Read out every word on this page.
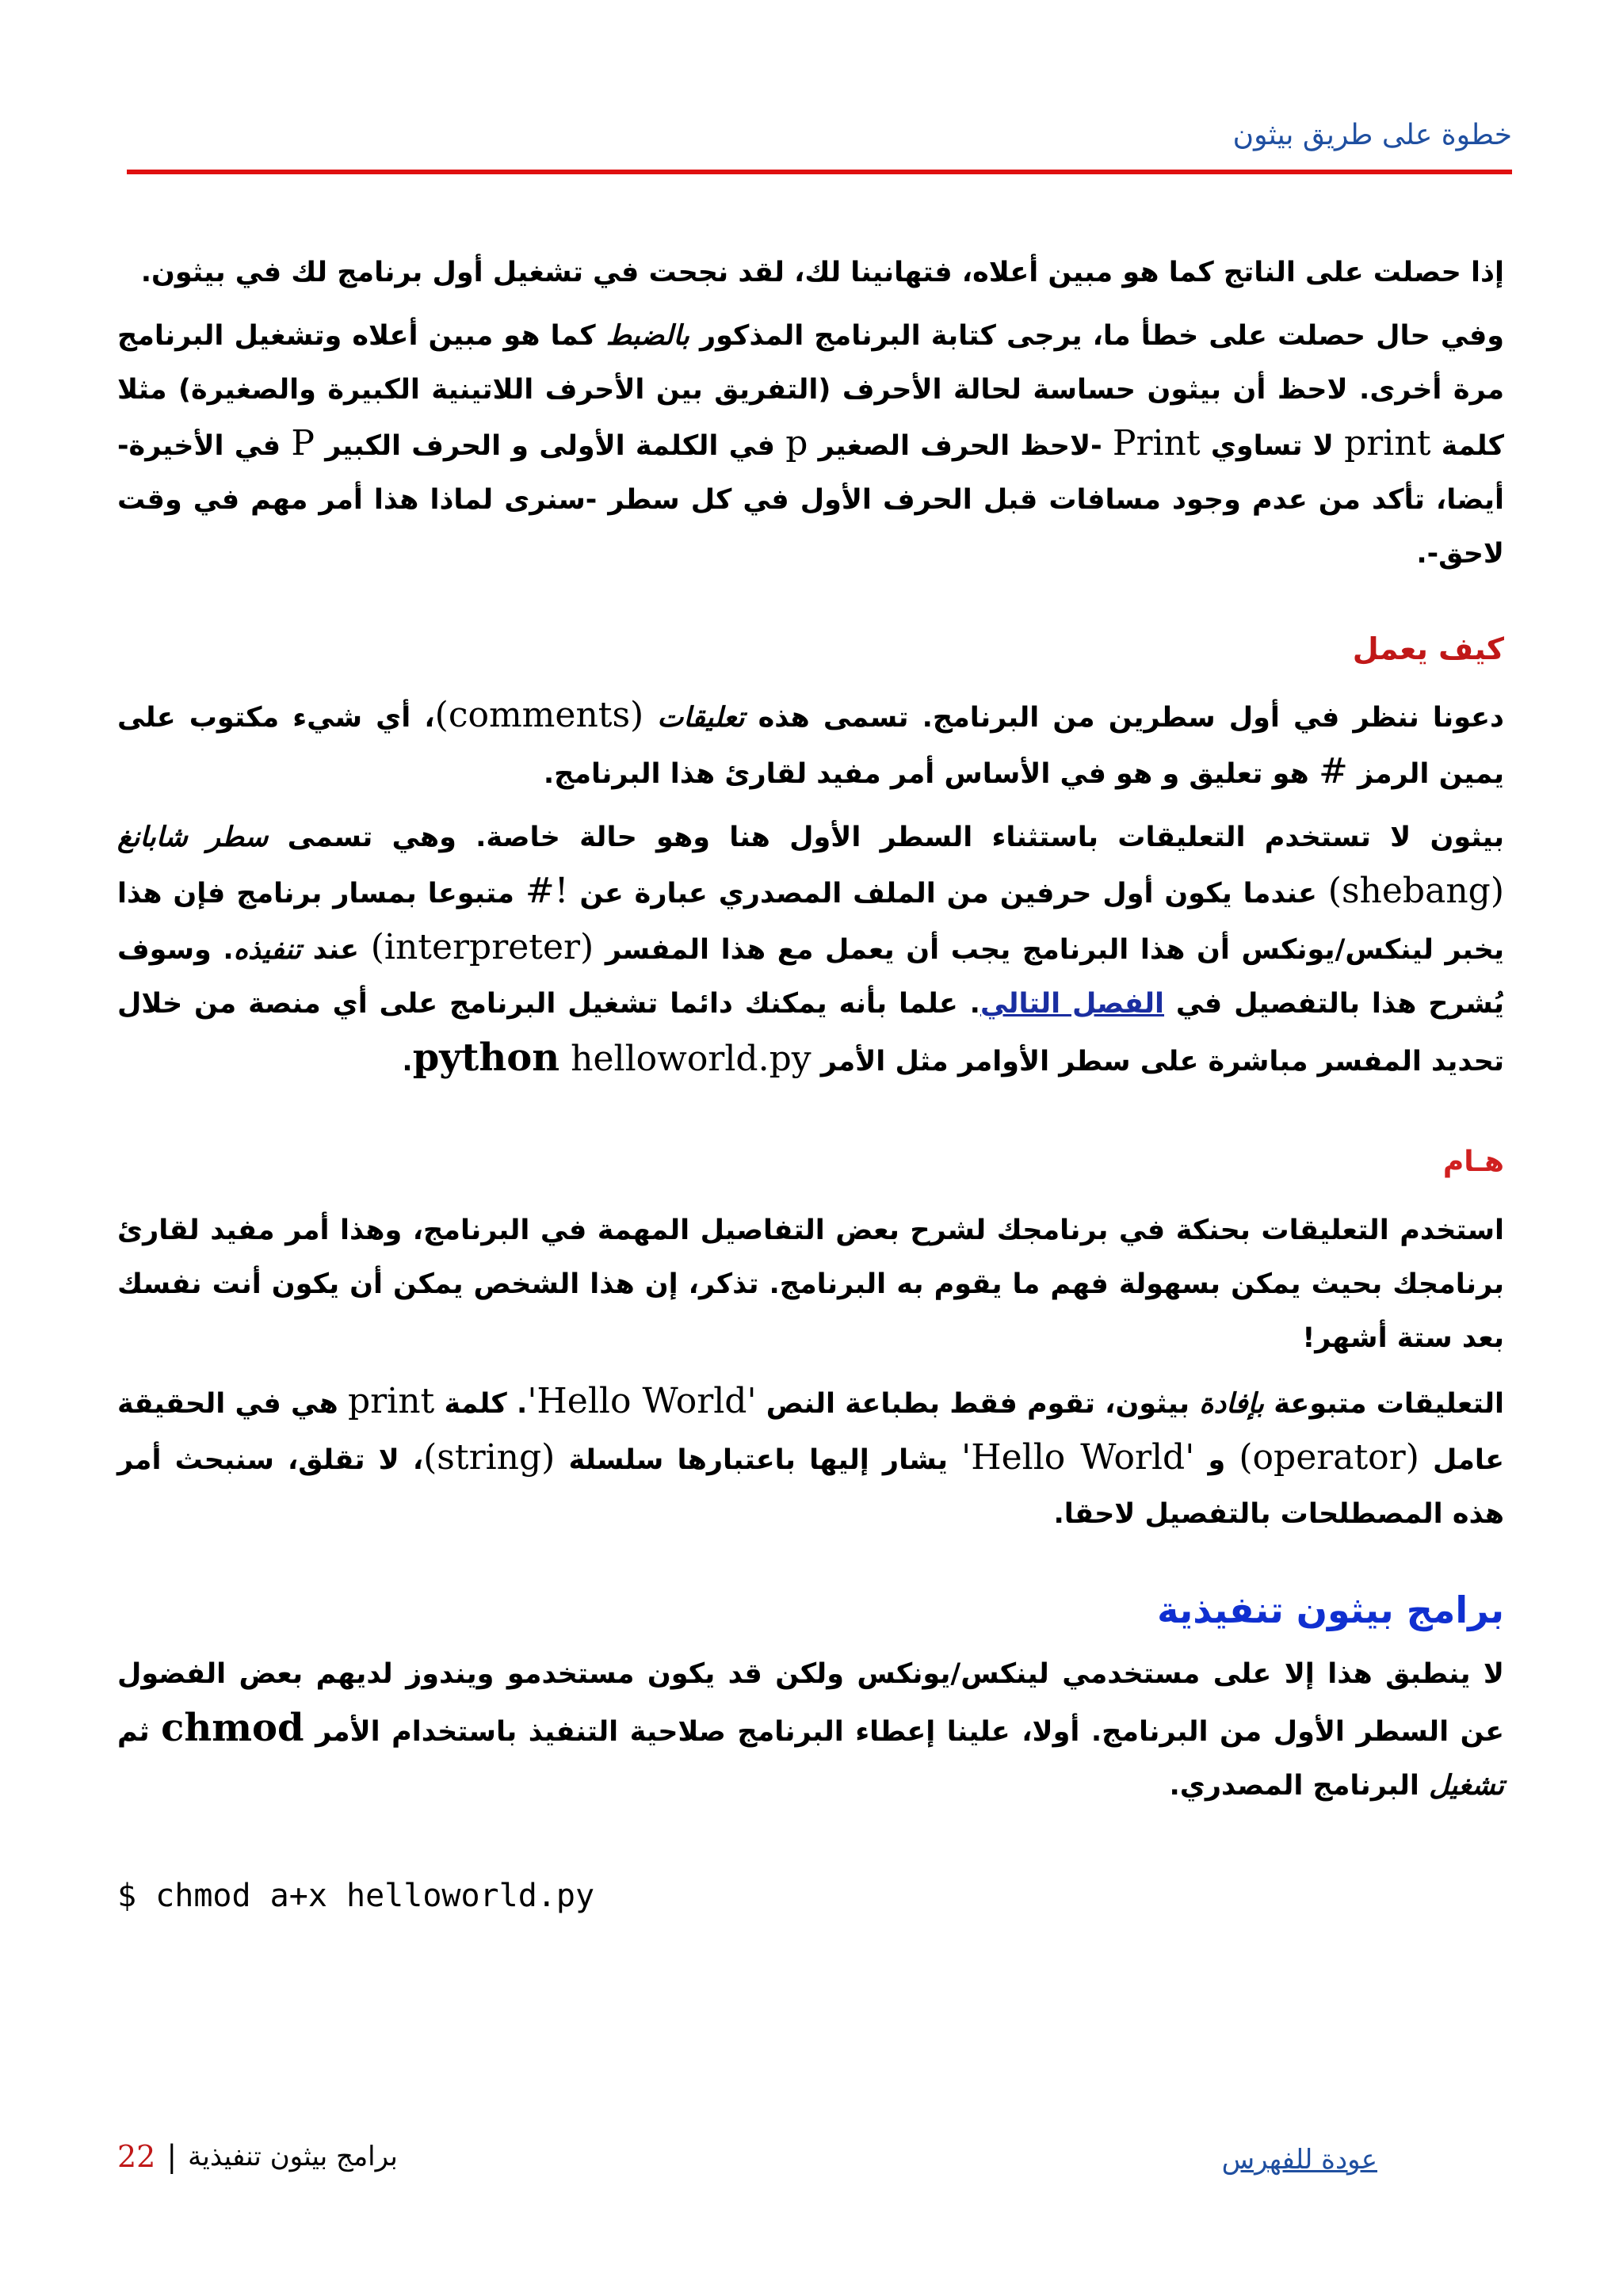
خطوة على طريق بيثون

إذا حصلت على الناتج كما هو مبين أعلاه، فتهانينا لك، لقد نجحت في تشغيل أول برنامج لك في بيثون.

وفي حال حصلت على خطأ ما، يرجى كتابة البرنامج المذكور بالضبط كما هو مبين أعلاه وتشغيل البرنامج مرة أخرى. لاحظ أن بيثون حساسة لحالة الأحرف (التفريق بين الأحرف اللاتينية الكبيرة والصغيرة) مثلا كلمة print لا تساوي Print -لاحظ الحرف الصغير p في الكلمة الأولى و الحرف الكبير P في الأخيرة- أيضا، تأكد من عدم وجود مسافات قبل الحرف الأول في كل سطر -سنرى لماذا هذا أمر مهم في وقت لاحق-.

كيف يعمل

دعونا ننظر في أول سطرين من البرنامج. تسمى هذه تعليقات (comments)، أي شيء مكتوب على يمين الرمز # هو تعليق و هو في الأساس أمر مفيد لقارئ هذا البرنامج.

بيثون لا تستخدم التعليقات باستثناء السطر الأول هنا وهو حالة خاصة. وهي تسمى سطر شابانغ (shebang) عندما يكون أول حرفين من الملف المصدري عبارة عن #! متبوعا بمسار برنامج فإن هذا يخبر لينكس/يونكس أن هذا البرنامج يجب أن يعمل مع هذا المفسر (interpreter) عند تنفيذه. وسوف يُشرح هذا بالتفصيل في الفصل التالي. علما بأنه يمكنك دائما تشغيل البرنامج على أي منصة من خلال تحديد المفسر مباشرة على سطر الأوامر مثل الأمر python helloworld.py.

هـام

استخدم التعليقات بحنكة في برنامجك لشرح بعض التفاصيل المهمة في البرنامج، وهذا أمر مفيد لقارئ برنامجك بحيث يمكن بسهولة فهم ما يقوم به البرنامج. تذكر، إن هذا الشخص يمكن أن يكون أنت نفسك بعد ستة أشهر!

التعليقات متبوعة بإفادة بيثون، تقوم فقط بطباعة النص 'Hello World'. كلمة print هي في الحقيقة عامل (operator) و 'Hello World' يشار إليها باعتبارها سلسلة (string)، لا تقلق، سنبحث أمر هذه المصطلحات بالتفصيل لاحقا.

برامج بيثون تنفيذية

لا ينطبق هذا إلا على مستخدمي لينكس/يونكس ولكن قد يكون مستخدمو ويندوز لديهم بعض الفضول عن السطر الأول من البرنامج. أولا، علينا إعطاء البرنامج صلاحية التنفيذ باستخدام الأمر chmod ثم تشغيل البرنامج المصدري.

$ chmod a+x helloworld.py
برامج بيثون تنفيذية
|
22	عودة للفهرس
